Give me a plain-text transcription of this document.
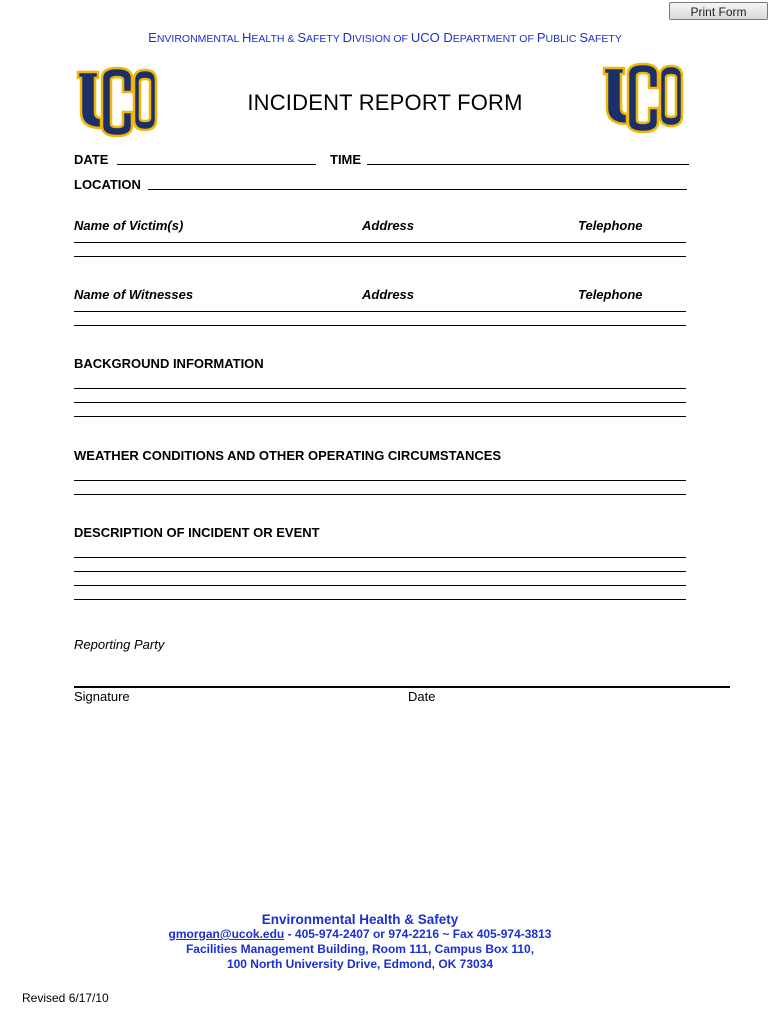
Print Form
ENVIRONMENTAL HEALTH & SAFETY DIVISION OF UCO DEPARTMENT OF PUBLIC SAFETY
INCIDENT REPORT FORM
DATE	TIME
LOCATION
Name of Victim(s)	Address	Telephone
Name of Witnesses	Address	Telephone
BACKGROUND INFORMATION
WEATHER CONDITIONS AND OTHER OPERATING CIRCUMSTANCES
DESCRIPTION OF INCIDENT OR EVENT
Reporting Party
Signature	Date
Environmental Health & Safety
gmorgan@ucok.edu - 405-974-2407 or 974-2216 ~ Fax 405-974-3813
Facilities Management Building, Room 111, Campus Box 110,
100 North University Drive, Edmond, OK 73034
Revised 6/17/10
